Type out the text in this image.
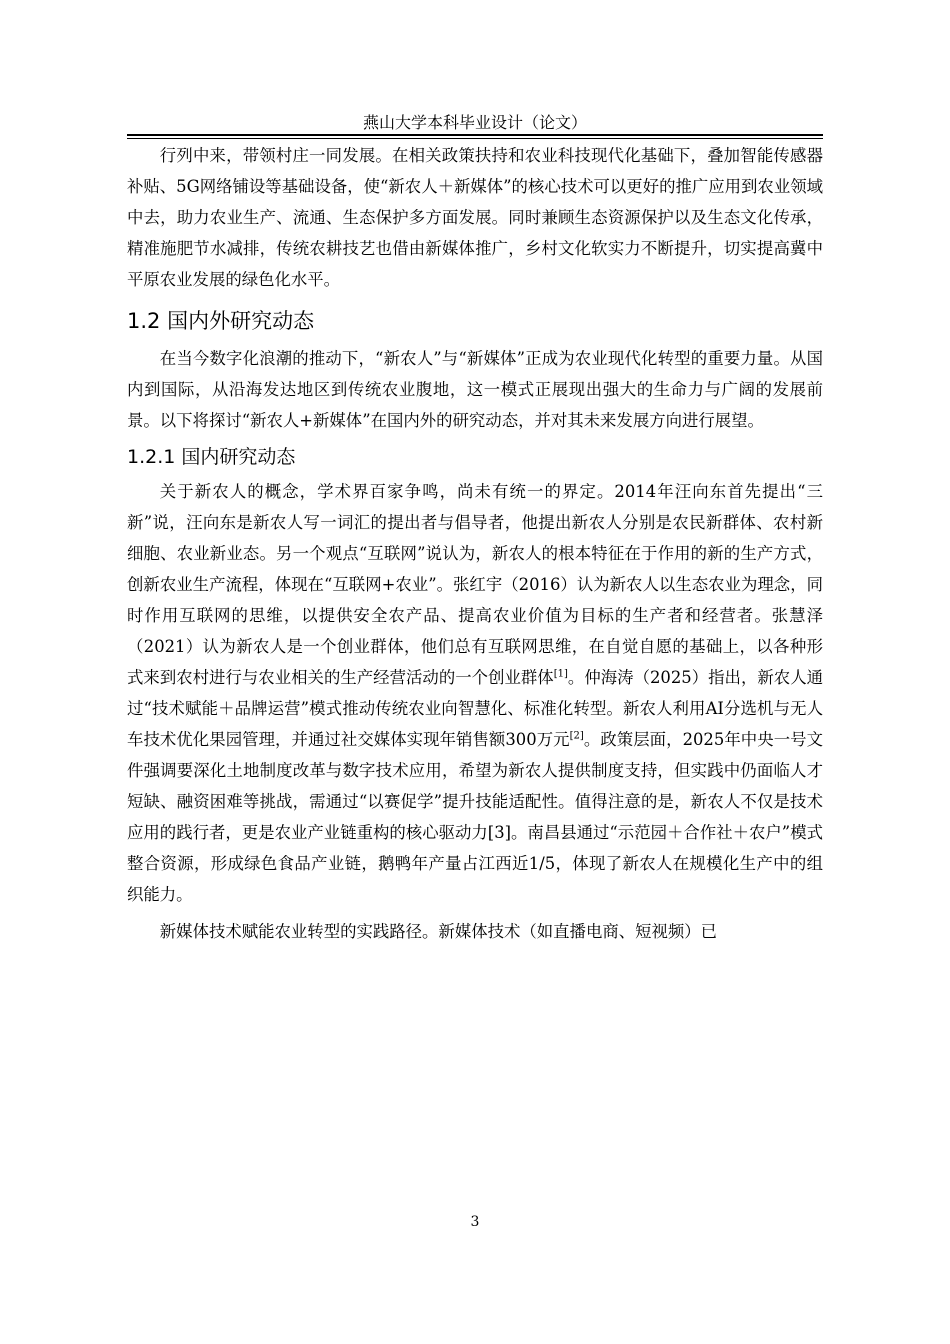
燕山大学本科毕业设计（论文）

行列中来，带领村庄一同发展。在相关政策扶持和农业科技现代化基础下，叠加智能传感器补贴、5G网络铺设等基础设备，使“新农人＋新媒体”的核心技术可以更好的推广应用到农业领域中去，助力农业生产、流通、生态保护多方面发展。同时兼顾生态资源保护以及生态文化传承，精准施肥节水减排，传统农耕技艺也借由新媒体推广，乡村文化软实力不断提升，切实提高冀中平原农业发展的绿色化水平。

1.2 国内外研究动态

在当今数字化浪潮的推动下，“新农人”与“新媒体”正成为农业现代化转型的重要力量。从国内到国际，从沿海发达地区到传统农业腹地，这一模式正展现出强大的生命力与广阔的发展前景。以下将探讨“新农人+新媒体”在国内外的研究动态，并对其未来发展方向进行展望。

1.2.1 国内研究动态

关于新农人的概念，学术界百家争鸣，尚未有统一的界定。2014年汪向东首先提出“三新”说，汪向东是新农人写一词汇的提出者与倡导者，他提出新农人分别是农民新群体、农村新细胞、农业新业态。另一个观点“互联网”说认为，新农人的根本特征在于作用的新的生产方式，创新农业生产流程，体现在“互联网+农业”。张红宇（2016）认为新农人以生态农业为理念，同时作用互联网的思维，以提供安全农产品、提高农业价值为目标的生产者和经营者。张慧泽（2021）认为新农人是一个创业群体，他们总有互联网思维，在自觉自愿的基础上，以各种形式来到农村进行与农业相关的生产经营活动的一个创业群体[1]。仲海涛（2025）指出，新农人通过“技术赋能＋品牌运营”模式推动传统农业向智慧化、标准化转型。新农人利用AI分选机与无人车技术优化果园管理，并通过社交媒体实现年销售额300万元[2]。政策层面，2025年中央一号文件强调要深化土地制度改革与数字技术应用，希望为新农人提供制度支持，但实践中仍面临人才短缺、融资困难等挑战，需通过“以赛促学”提升技能适配性。值得注意的是，新农人不仅是技术应用的践行者，更是农业产业链重构的核心驱动力[3]。南昌县通过“示范园＋合作社＋农户”模式整合资源，形成绿色食品产业链，鹅鸭年产量占江西近1/5，体现了新农人在规模化生产中的组织能力。

新媒体技术赋能农业转型的实践路径。新媒体技术（如直播电商、短视频）已

3
